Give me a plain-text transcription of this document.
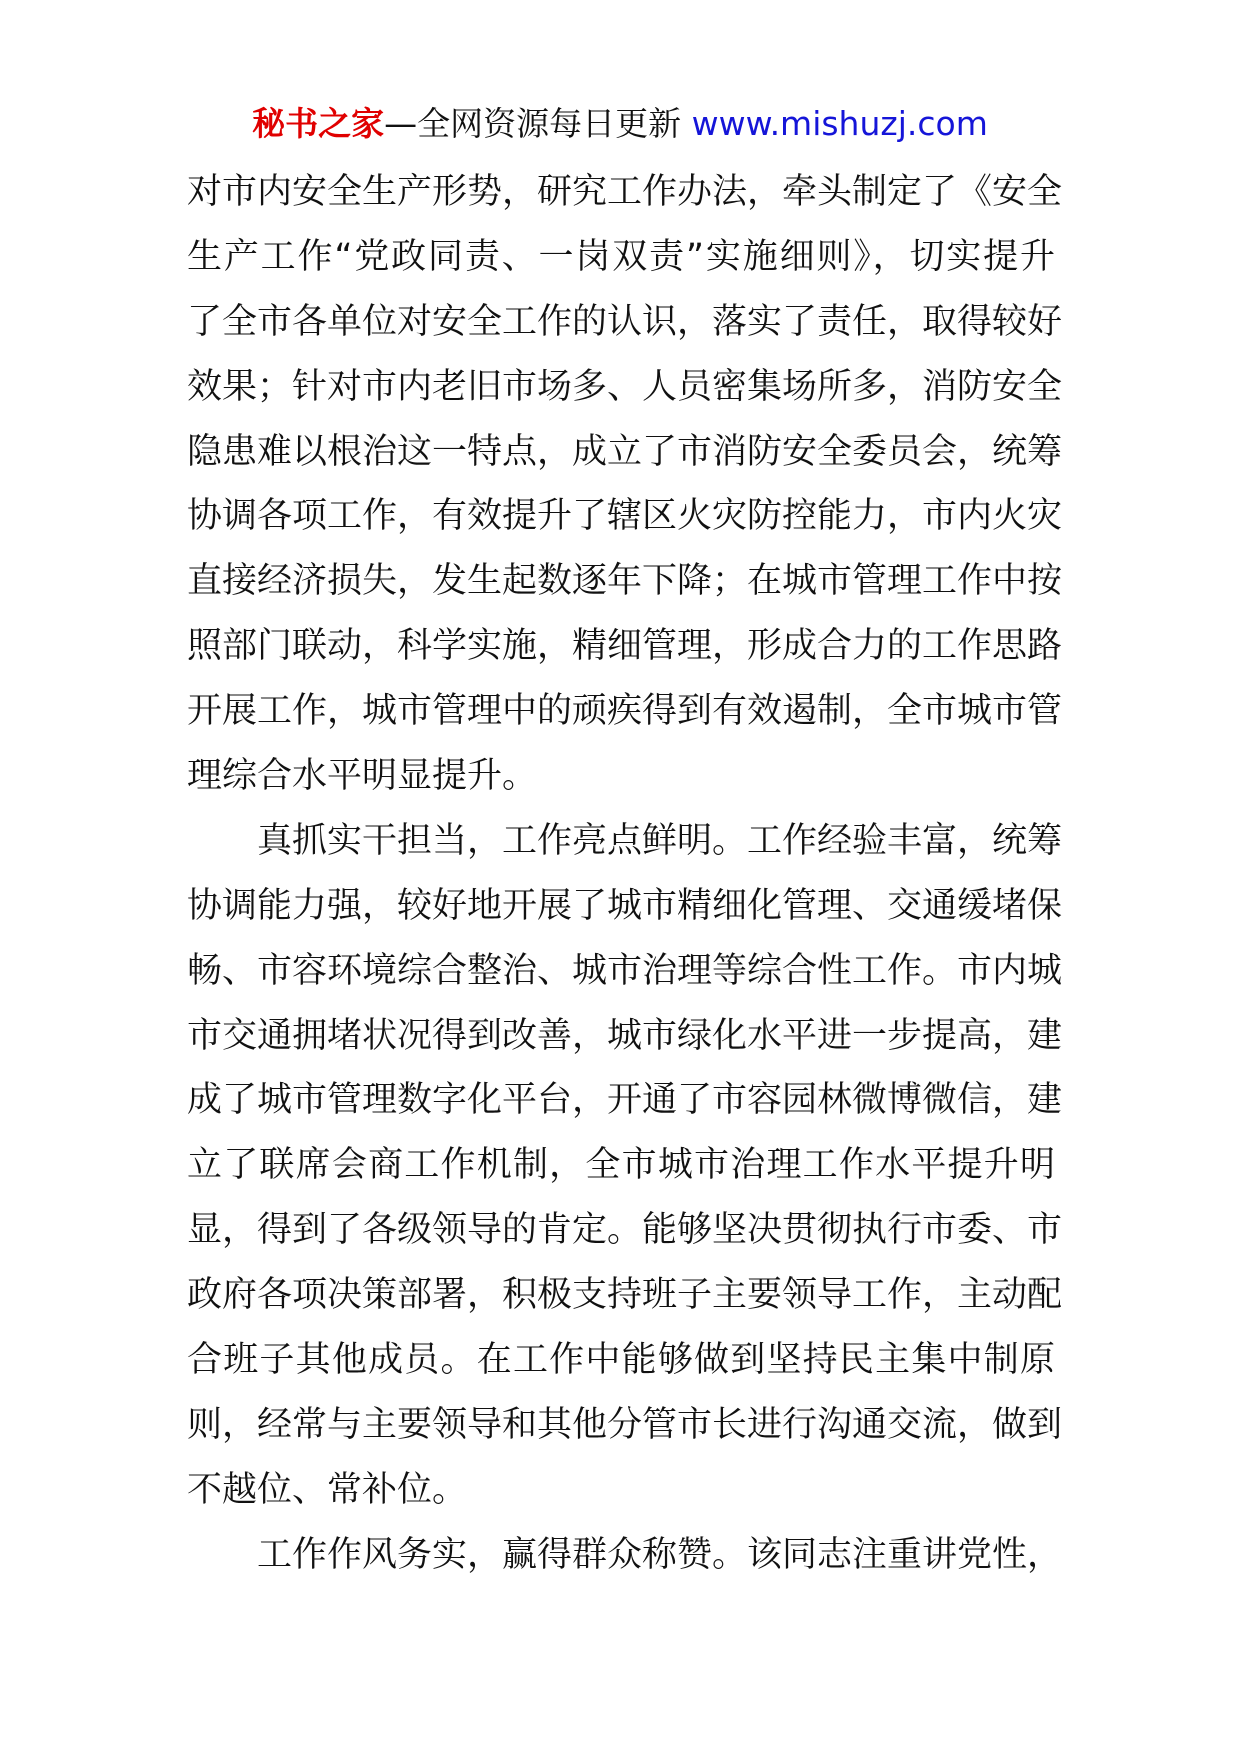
秘书之家—全网资源每日更新 www.mishuzj.com
对市内安全生产形势，研究工作办法，牵头制定了《安全
生产工作“党政同责、一岗双责”实施细则》，切实提升
了全市各单位对安全工作的认识，落实了责任，取得较好
效果；针对市内老旧市场多、人员密集场所多，消防安全
隐患难以根治这一特点，成立了市消防安全委员会，统筹
协调各项工作，有效提升了辖区火灾防控能力，市内火灾
直接经济损失，发生起数逐年下降；在城市管理工作中按
照部门联动，科学实施，精细管理，形成合力的工作思路
开展工作，城市管理中的顽疾得到有效遏制，全市城市管
理综合水平明显提升。
真抓实干担当，工作亮点鲜明。工作经验丰富，统筹
协调能力强，较好地开展了城市精细化管理、交通缓堵保
畅、市容环境综合整治、城市治理等综合性工作。市内城
市交通拥堵状况得到改善，城市绿化水平进一步提高，建
成了城市管理数字化平台，开通了市容园林微博微信，建
立了联席会商工作机制，全市城市治理工作水平提升明
显，得到了各级领导的肯定。能够坚决贯彻执行市委、市
政府各项决策部署，积极支持班子主要领导工作，主动配
合班子其他成员。在工作中能够做到坚持民主集中制原
则，经常与主要领导和其他分管市长进行沟通交流，做到
不越位、常补位。
工作作风务实，赢得群众称赞。该同志注重讲党性，
